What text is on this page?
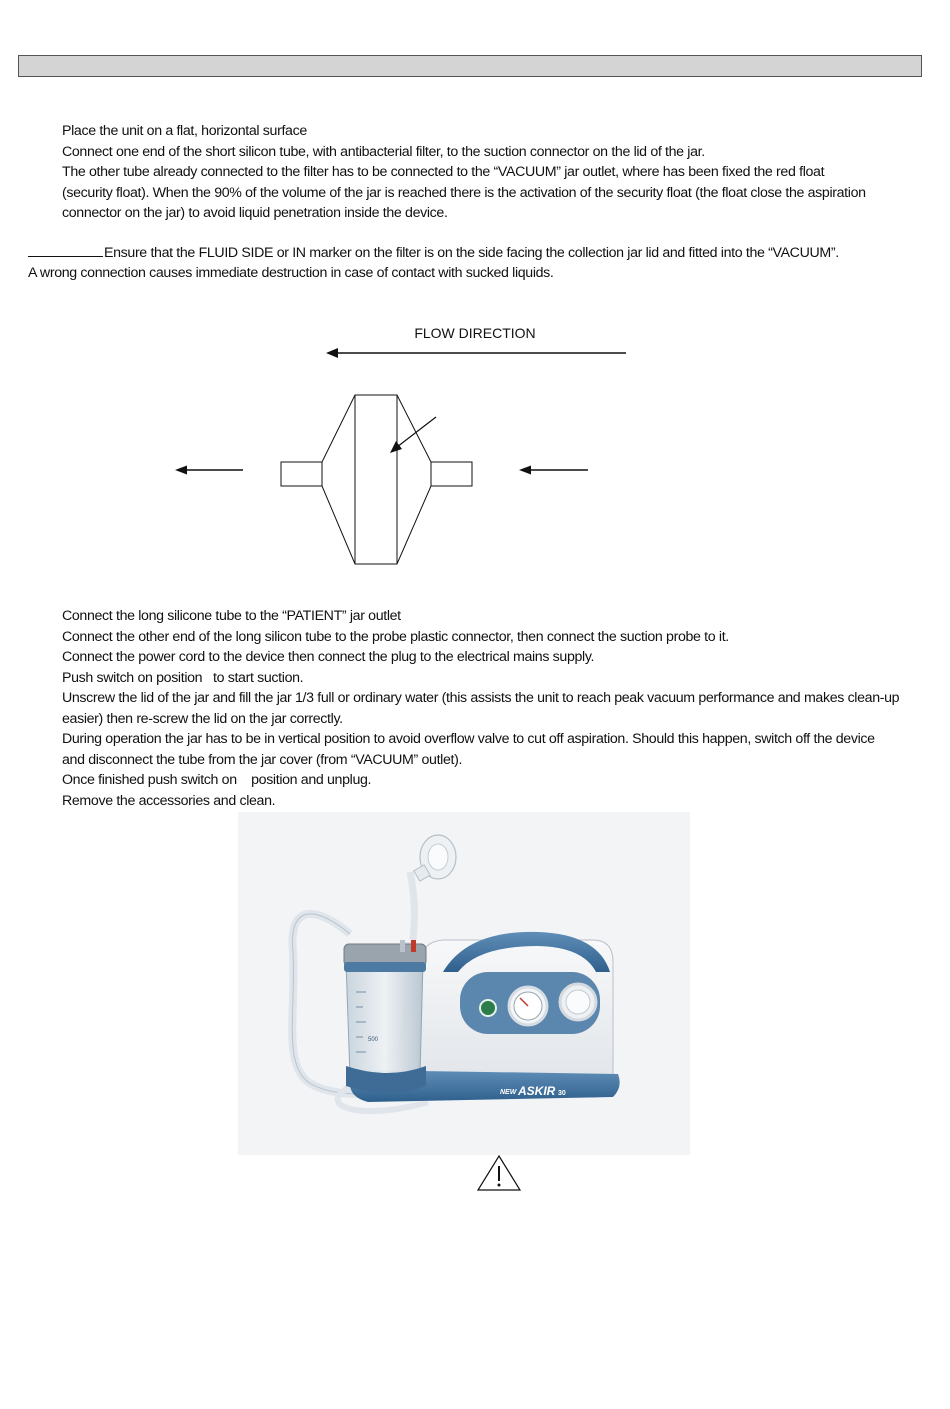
Place the unit on a flat, horizontal surface

Connect one end of the short silicon tube, with antibacterial filter, to the suction connector on the lid of the jar.

The other tube already connected to the filter has to be connected to the “VACUUM” jar outlet, where has been fixed the red float (security float). When the 90% of the volume of the jar is reached there is the activation of the security float (the float close the aspiration connector on the jar) to avoid liquid penetration inside the device.

Ensure that the FLUID SIDE or IN marker on the filter is on the side facing the collection jar lid and fitted into the “VACUUM”.
A wrong connection causes immediate destruction in case of contact with sucked liquids.
FLOW DIRECTION

Connect the long silicone tube to the “PATIENT” jar outlet

Connect the other end of the long silicon tube to the probe plastic connector, then connect the suction probe to it.

Connect the power cord to the device then connect the plug to the electrical mains supply.

Push switch on position   to start suction.

Unscrew the lid of the jar and fill the jar 1/3 full or ordinary water (this assists the unit to reach peak vacuum performance and makes clean-up easier) then re-screw the lid on the jar correctly.

During operation the jar has to be in vertical position to avoid overflow valve to cut off aspiration. Should this happen, switch off the device and disconnect the tube from the jar cover (from “VACUUM” outlet).

Once finished push switch on    position and unplug.

Remove the accessories and clean.

NEW ASKIR 30
500
